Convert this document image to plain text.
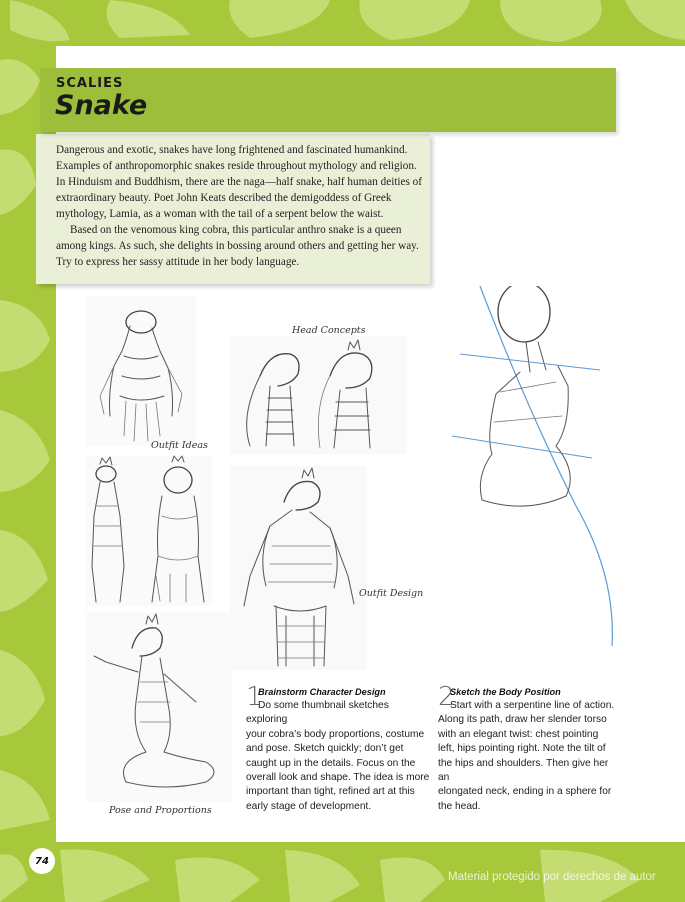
SCALIES
Snake

Dangerous and exotic, snakes have long frightened and fascinated humankind. Examples of anthropomorphic snakes reside throughout mythology and religion. In Hinduism and Buddhism, there are the naga—half snake, half human deities of extraordinary beauty. Poet John Keats described the demigoddess of Greek mythology, Lamia, as a woman with the tail of a serpent below the waist.

Based on the venomous king cobra, this particular anthro snake is a queen among kings. As such, she delights in bossing around others and getting her way. Try to express her sassy attitude in her body language.

Head Concepts
Outfit Ideas
Outfit Design
Pose and Proportions
1
Brainstorm Character Design
Do some thumbnail sketches exploring
your cobra’s body proportions, costume
and pose. Sketch quickly; don’t get
caught up in the details. Focus on the
overall look and shape. The idea is more
important than tight, refined art at this
early stage of development.
2
Sketch the Body Position
Start with a serpentine line of action.
Along its path, draw her slender torso
with an elegant twist: chest pointing
left, hips pointing right. Note the tilt of
the hips and shoulders. Then give her an
elongated neck, ending in a sphere for
the head.
74
Material protegido por derechos de autor
